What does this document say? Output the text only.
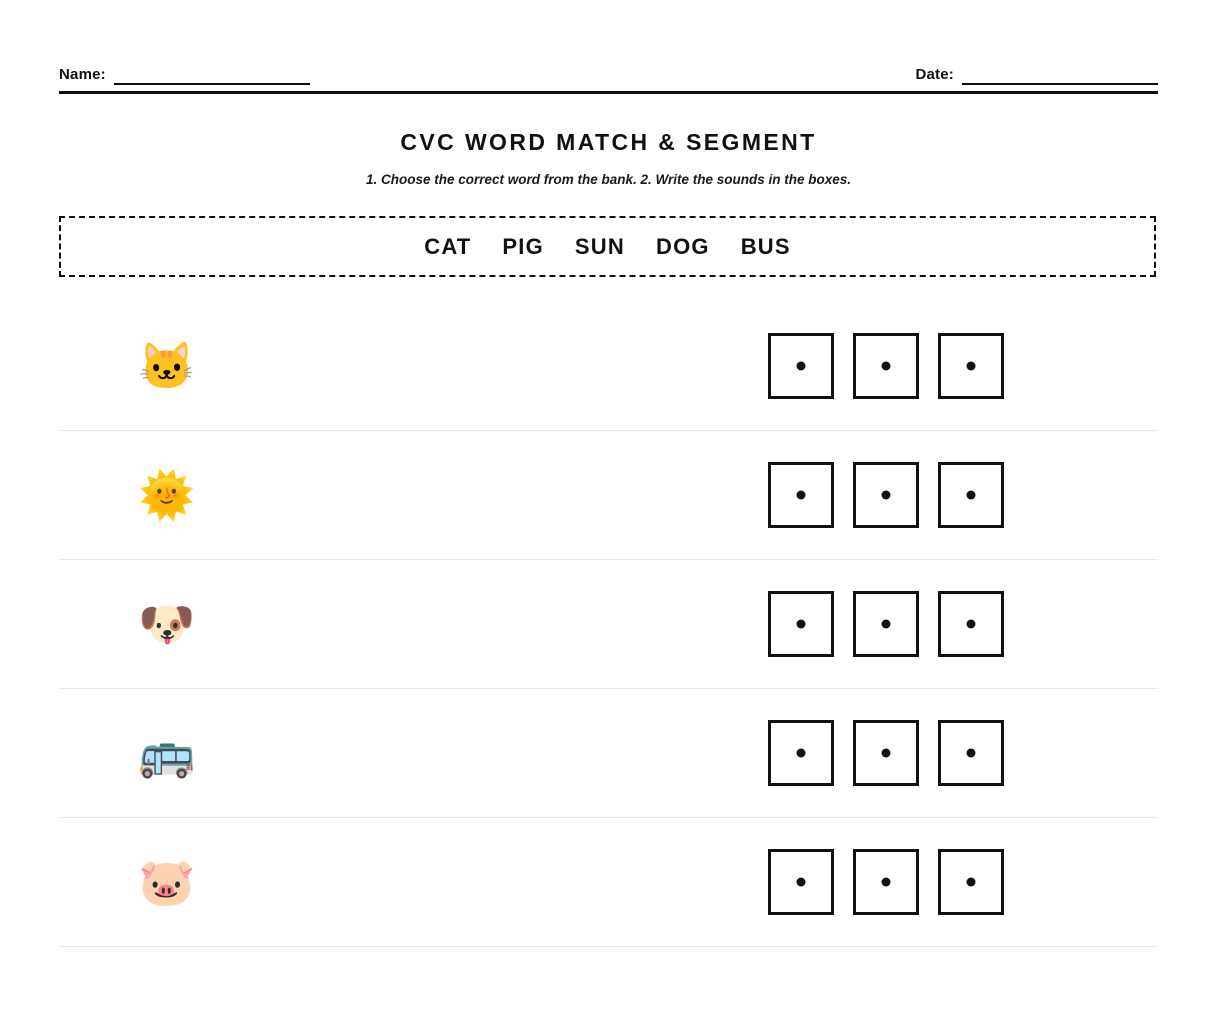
Name:	Date:
CVC WORD MATCH & SEGMENT
1. Choose the correct word from the bank. 2. Write the sounds in the boxes.
CAT PIG SUN DOG BUS
🐱
🌞
🐶
🚌
🐷
